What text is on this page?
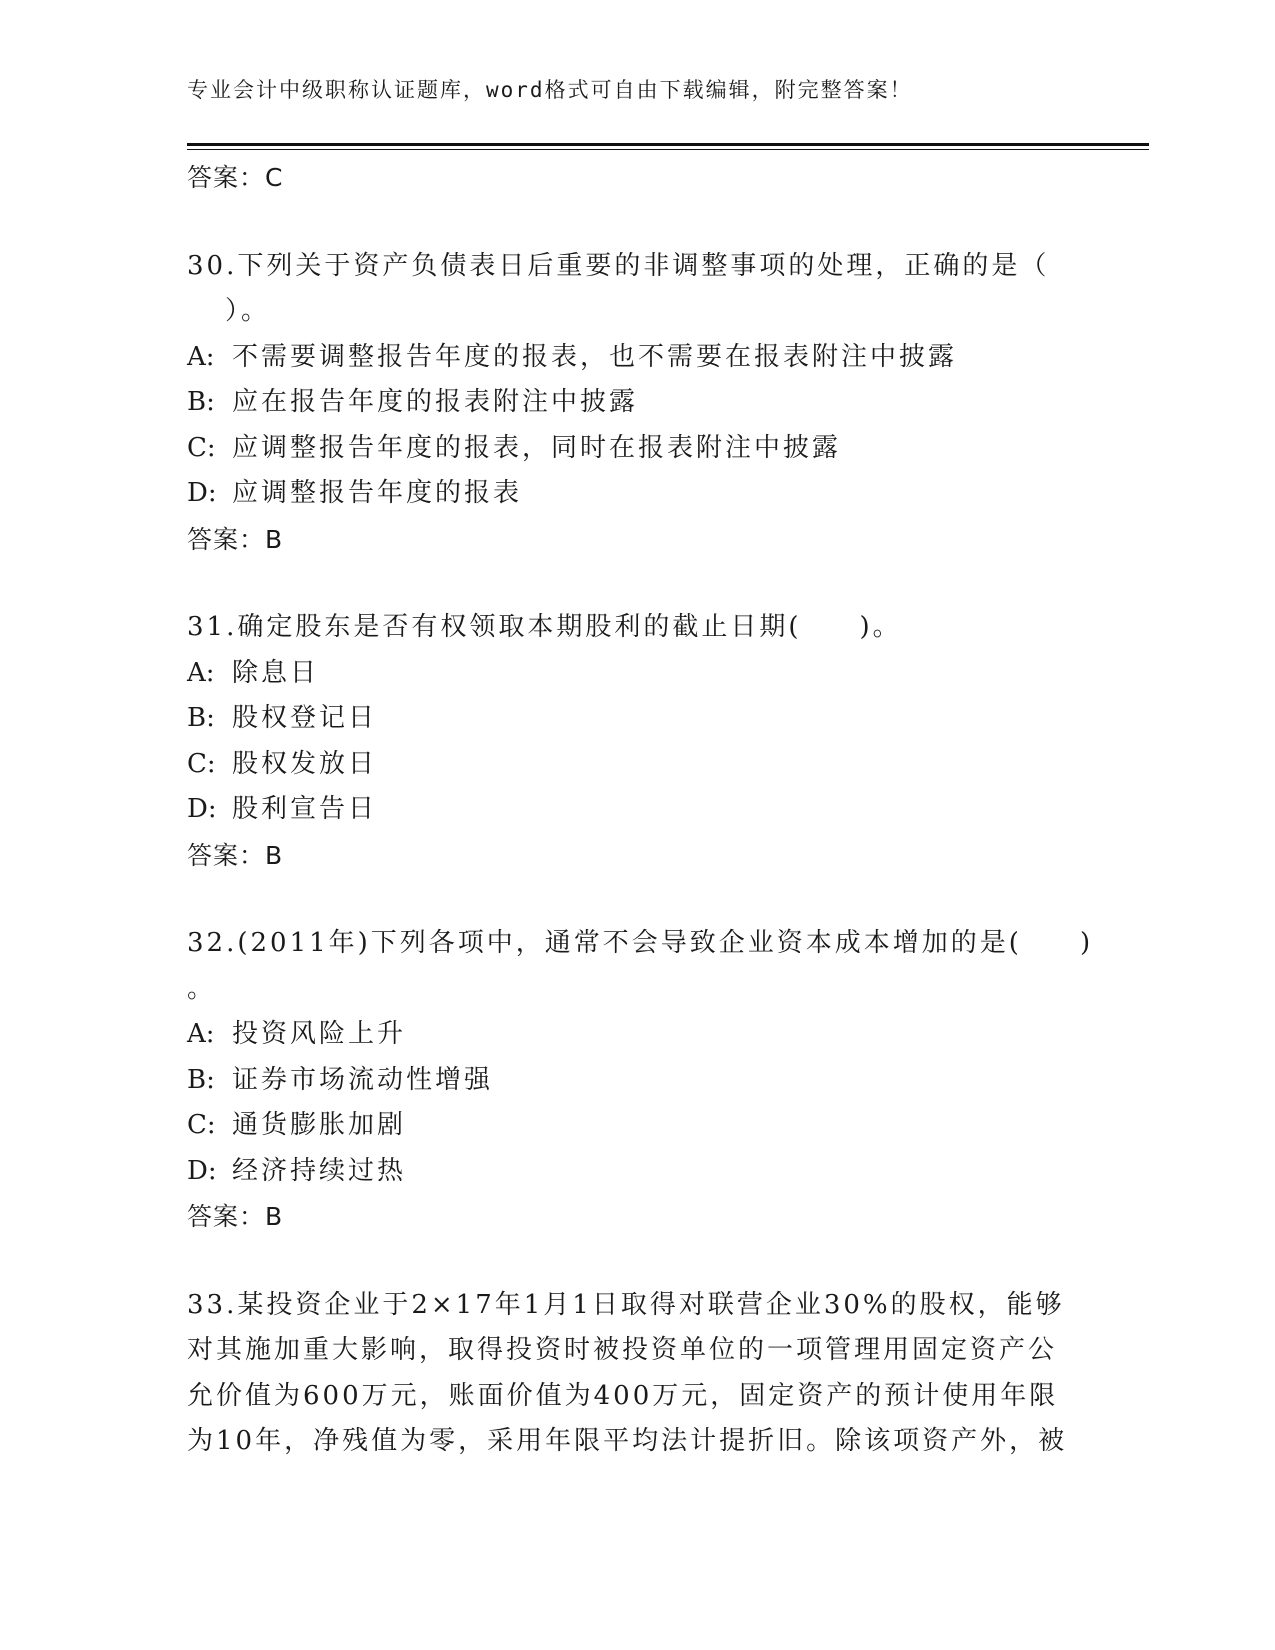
专业会计中级职称认证题库，word格式可自由下载编辑，附完整答案！
答案：C
30.下列关于资产负债表日后重要的非调整事项的处理，正确的是（
）。
A: 不需要调整报告年度的报表，也不需要在报表附注中披露
B: 应在报告年度的报表附注中披露
C: 应调整报告年度的报表，同时在报表附注中披露
D: 应调整报告年度的报表
答案：B
31.确定股东是否有权领取本期股利的截止日期(　　)。
A: 除息日
B: 股权登记日
C: 股权发放日
D: 股利宣告日
答案：B
32.(2011年)下列各项中，通常不会导致企业资本成本增加的是(　　)
。
A: 投资风险上升
B: 证券市场流动性增强
C: 通货膨胀加剧
D: 经济持续过热
答案：B
33.某投资企业于2×17年1月1日取得对联营企业30%的股权，能够
对其施加重大影响，取得投资时被投资单位的一项管理用固定资产公
允价值为600万元，账面价值为400万元，固定资产的预计使用年限
为10年，净残值为零，采用年限平均法计提折旧。除该项资产外，被
